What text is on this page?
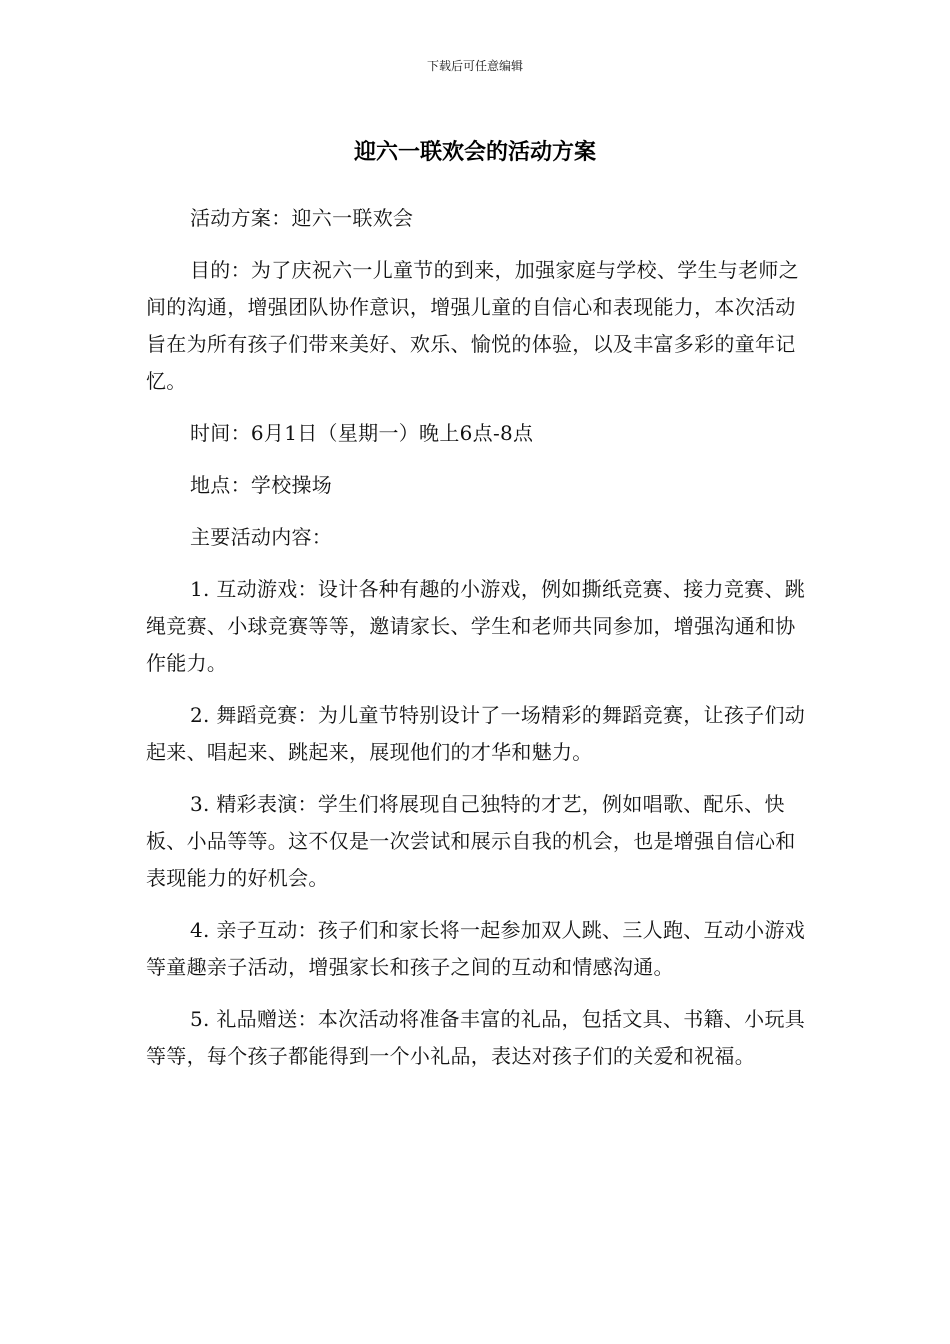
下载后可任意编辑
迎六一联欢会的活动方案

活动方案：迎六一联欢会

目的：为了庆祝六一儿童节的到来，加强家庭与学校、学生与老师之间的沟通，增强团队协作意识，增强儿童的自信心和表现能力，本次活动旨在为所有孩子们带来美好、欢乐、愉悦的体验，以及丰富多彩的童年记忆。

时间：6月1日（星期一）晚上6点-8点

地点：学校操场

主要活动内容：

1. 互动游戏：设计各种有趣的小游戏，例如撕纸竞赛、接力竞赛、跳绳竞赛、小球竞赛等等，邀请家长、学生和老师共同参加，增强沟通和协作能力。

2. 舞蹈竞赛：为儿童节特别设计了一场精彩的舞蹈竞赛，让孩子们动起来、唱起来、跳起来，展现他们的才华和魅力。

3. 精彩表演：学生们将展现自己独特的才艺，例如唱歌、配乐、快板、小品等等。这不仅是一次尝试和展示自我的机会，也是增强自信心和表现能力的好机会。

4. 亲子互动：孩子们和家长将一起参加双人跳、三人跑、互动小游戏等童趣亲子活动，增强家长和孩子之间的互动和情感沟通。

5. 礼品赠送：本次活动将准备丰富的礼品，包括文具、书籍、小玩具等等，每个孩子都能得到一个小礼品，表达对孩子们的关爱和祝福。
